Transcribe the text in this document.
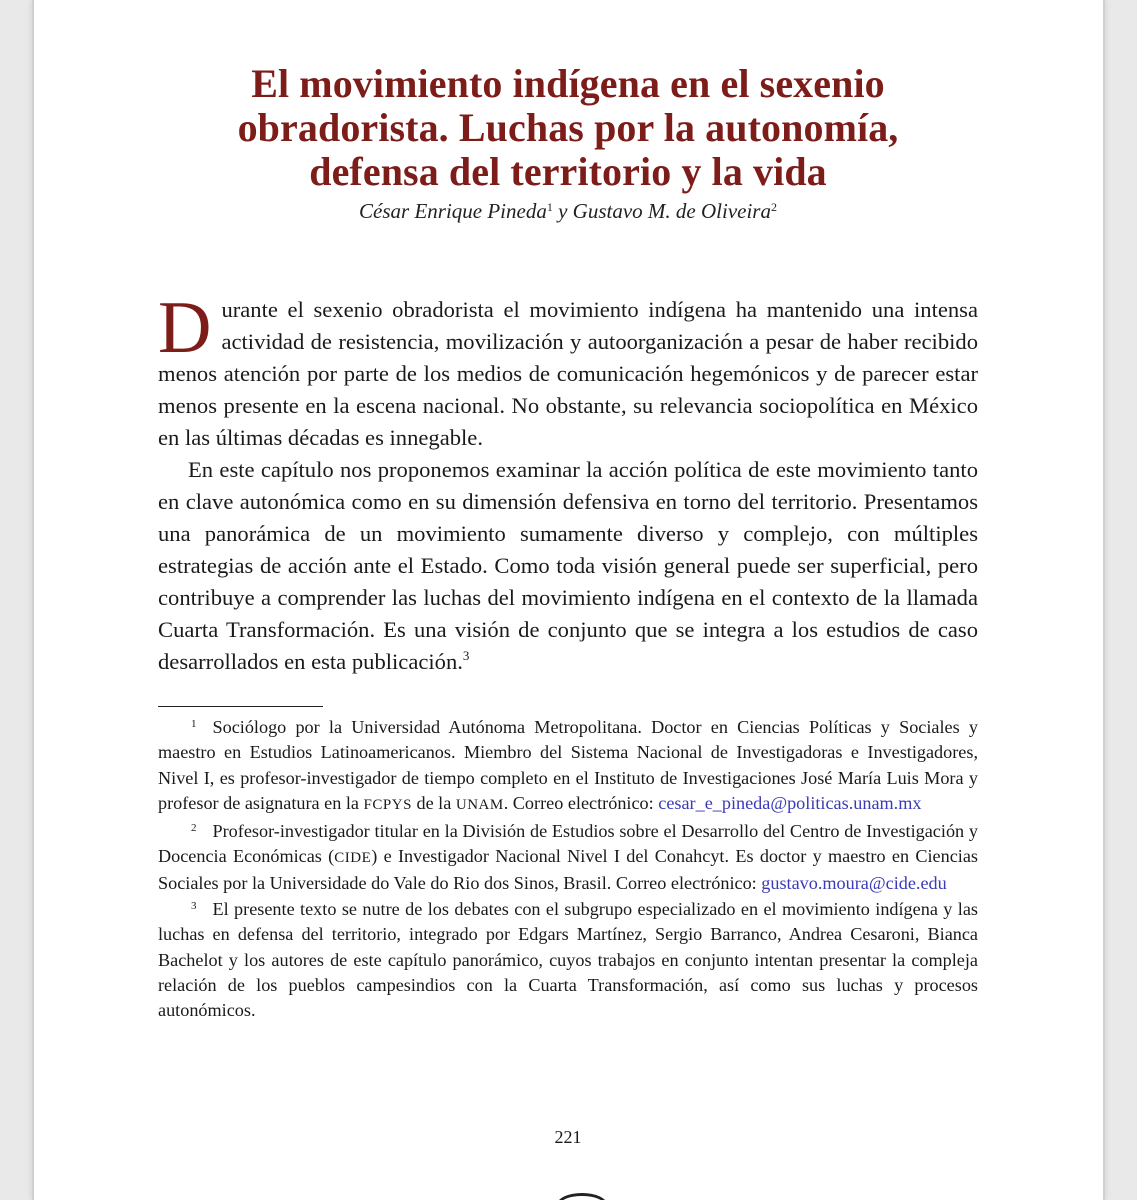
El movimiento indígena en el sexenio
obradorista. Luchas por la autonomía,
defensa del territorio y la vida
César Enrique Pineda$^1$ y Gustavo M. de Oliveira$^2$

Durante el sexenio obradorista el movimiento indígena ha mantenido una intensa actividad de resistencia, movilización y autoorganización a pesar de haber recibido menos atención por parte de los medios de comunicación hegemónicos y de parecer estar menos presente en la escena nacional. No obstante, su relevancia sociopolítica en México en las últimas décadas es innegable.

En este capítulo nos proponemos examinar la acción política de este movimiento tanto en clave autonómica como en su dimensión defensiva en torno del territorio. Presentamos una panorámica de un movimiento sumamente diverso y complejo, con múltiples estrategias de acción ante el Estado. Como toda visión general puede ser superficial, pero contribuye a comprender las luchas del movimiento indígena en el contexto de la llamada Cuarta Transformación. Es una visión de conjunto que se integra a los estudios de caso desarrollados en esta publicación.$^3$

$^1$ Sociólogo por la Universidad Autónoma Metropolitana. Doctor en Ciencias Políticas y Sociales y maestro en Estudios Latinoamericanos. Miembro del Sistema Nacional de Investigadoras e Investigadores, Nivel I, es profesor-investigador de tiempo completo en el Instituto de Investigaciones José María Luis Mora y profesor de asignatura en la FCPYS de la UNAM. Correo electrónico: cesar_e_pineda@politicas.unam.mx

$^2$ Profesor-investigador titular en la División de Estudios sobre el Desarrollo del Centro de Investigación y Docencia Económicas (CIDE) e Investigador Nacional Nivel I del Conahcyt. Es doctor y maestro en Ciencias Sociales por la Universidade do Vale do Rio dos Sinos, Brasil. Correo electrónico: gustavo.moura@cide.edu

$^3$ El presente texto se nutre de los debates con el subgrupo especializado en el movimiento indígena y las luchas en defensa del territorio, integrado por Edgars Martínez, Sergio Barranco, Andrea Cesaroni, Bianca Bachelot y los autores de este capítulo panorámico, cuyos trabajos en conjunto intentan presentar la compleja relación de los pueblos campesindios con la Cuarta Transformación, así como sus luchas y procesos autonómicos.

221
